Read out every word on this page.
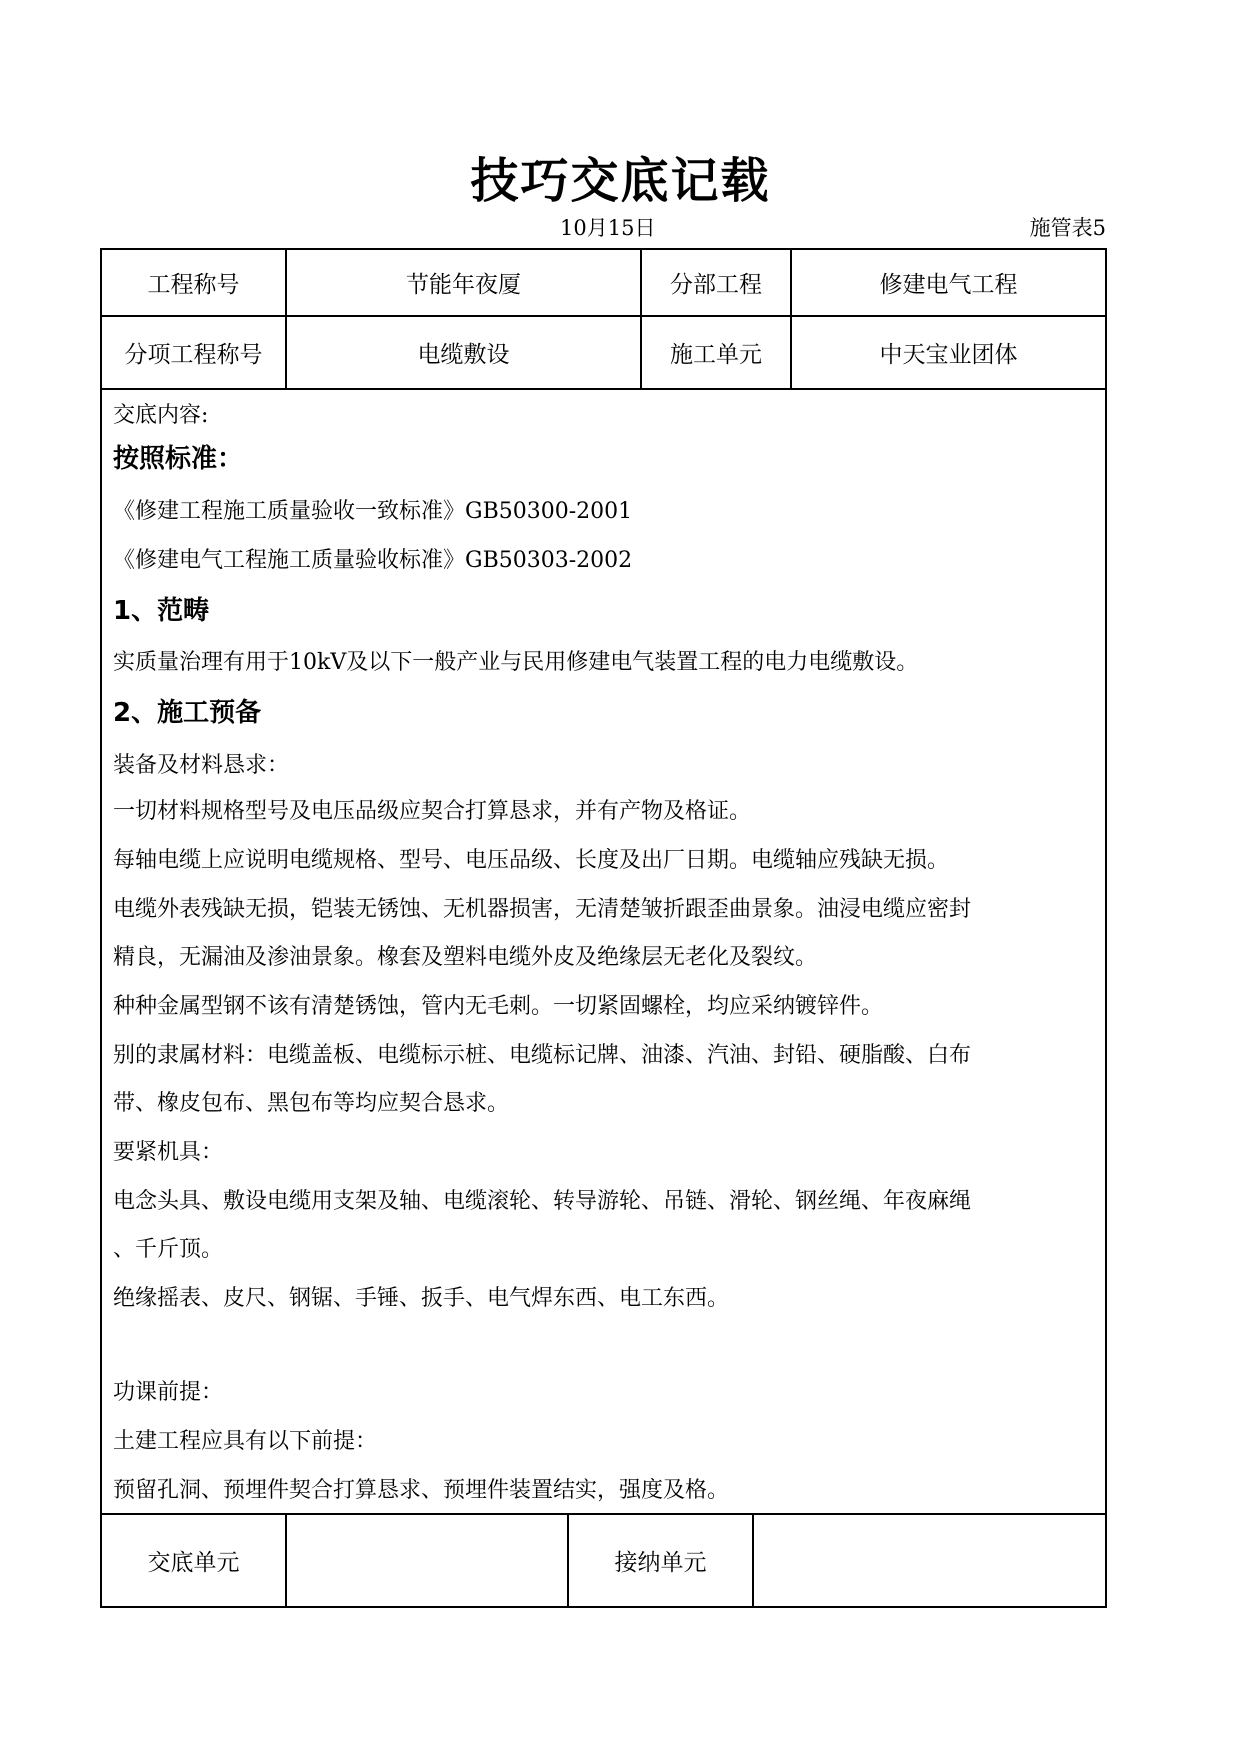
技巧交底记载
10月15日	施管表5
工程称号	节能年夜厦	分部工程	修建电气工程
分项工程称号	电缆敷设	施工单元	中天宝业团体
交底内容:
按照标准：
《修建工程施工质量验收一致标准》GB50300-2001
《修建电气工程施工质量验收标准》GB50303-2002
1、范畴
实质量治理有用于10kV及以下一般产业与民用修建电气装置工程的电力电缆敷设。
2、施工预备
装备及材料恳求：
一切材料规格型号及电压品级应契合打算恳求，并有产物及格证。
每轴电缆上应说明电缆规格、型号、电压品级、长度及出厂日期。电缆轴应残缺无损。
电缆外表残缺无损，铠装无锈蚀、无机器损害，无清楚皱折跟歪曲景象。油浸电缆应密封
精良，无漏油及渗油景象。橡套及塑料电缆外皮及绝缘层无老化及裂纹。
种种金属型钢不该有清楚锈蚀，管内无毛刺。一切紧固螺栓，均应采纳镀锌件。
别的隶属材料：电缆盖板、电缆标示桩、电缆标记牌、油漆、汽油、封铅、硬脂酸、白布
带、橡皮包布、黑包布等均应契合恳求。
要紧机具：
电念头具、敷设电缆用支架及轴、电缆滚轮、转导游轮、吊链、滑轮、钢丝绳、年夜麻绳
、千斤顶。
绝缘摇表、皮尺、钢锯、手锤、扳手、电气焊东西、电工东西。
功课前提：
土建工程应具有以下前提：
预留孔洞、预埋件契合打算恳求、预埋件装置结实，强度及格。
交底单元	接纳单元
